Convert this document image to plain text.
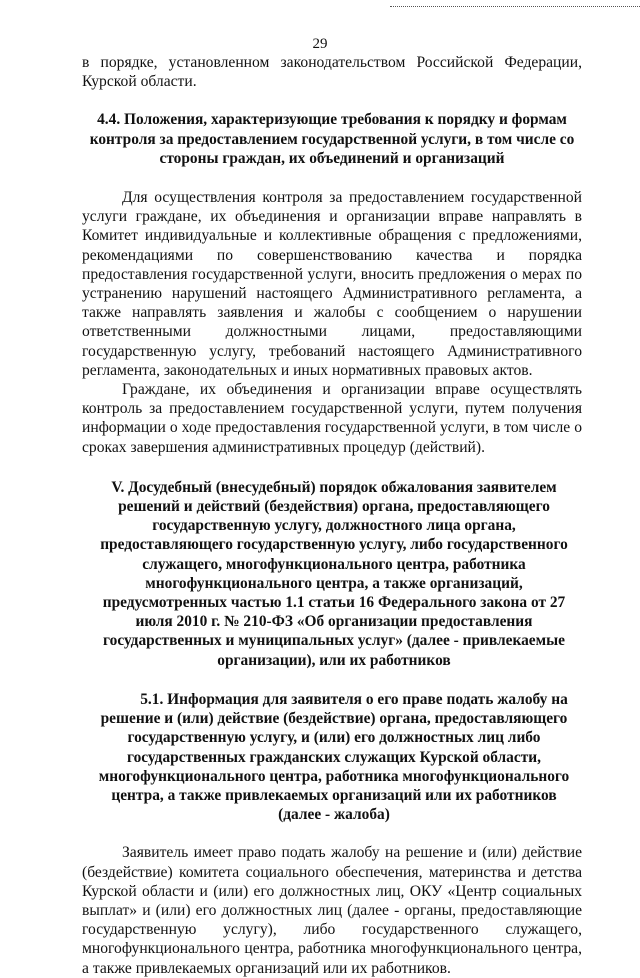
29

в порядке, установленном законодательством Российской Федерации, Курской области.

4.4. Положения, характеризующие требования к порядку и формам контроля за предоставлением государственной услуги, в том числе со стороны граждан, их объединений и организаций

Для осуществления контроля за предоставлением государственной услуги граждане, их объединения и организации вправе направлять в Комитет индивидуальные и коллективные обращения с предложениями, рекомендациями по совершенствованию качества и порядка предоставления государственной услуги, вносить предложения о мерах по устранению нарушений настоящего Административного регламента, а также направлять заявления и жалобы с сообщением о нарушении ответственными должностными лицами, предоставляющими государственную услугу, требований настоящего Административного регламента, законодательных и иных нормативных правовых актов.

Граждане, их объединения и организации вправе осуществлять контроль за предоставлением государственной услуги, путем получения информации о ходе предоставления государственной услуги, в том числе о сроках завершения административных процедур (действий).

V. Досудебный (внесудебный) порядок обжалования заявителем решений и действий (бездействия) органа, предоставляющего государственную услугу, должностного лица органа, предоставляющего государственную услугу, либо государственного служащего, многофункционального центра, работника многофункционального центра, а также организаций, предусмотренных частью 1.1 статьи 16 Федерального закона от 27 июля 2010 г. № 210-ФЗ «Об организации предоставления государственных и муниципальных услуг» (далее - привлекаемые организации), или их работников
5.1. Информация для заявителя о его праве подать жалобу на
решение и (или) действие (бездействие) органа, предоставляющего государственную услугу, и (или) его должностных лиц либо государственных гражданских служащих Курской области, многофункционального центра, работника многофункционального центра, а также привлекаемых организаций или их работников (далее - жалоба)

Заявитель имеет право подать жалобу на решение и (или) действие (бездействие) комитета социального обеспечения, материнства и детства Курской области и (или) его должностных лиц, ОКУ «Центр социальных выплат» и (или) его должностных лиц (далее - органы, предоставляющие государственную услугу), либо государственного служащего, многофункционального центра, работника многофункционального центра, а также привлекаемых организаций или их работников.
